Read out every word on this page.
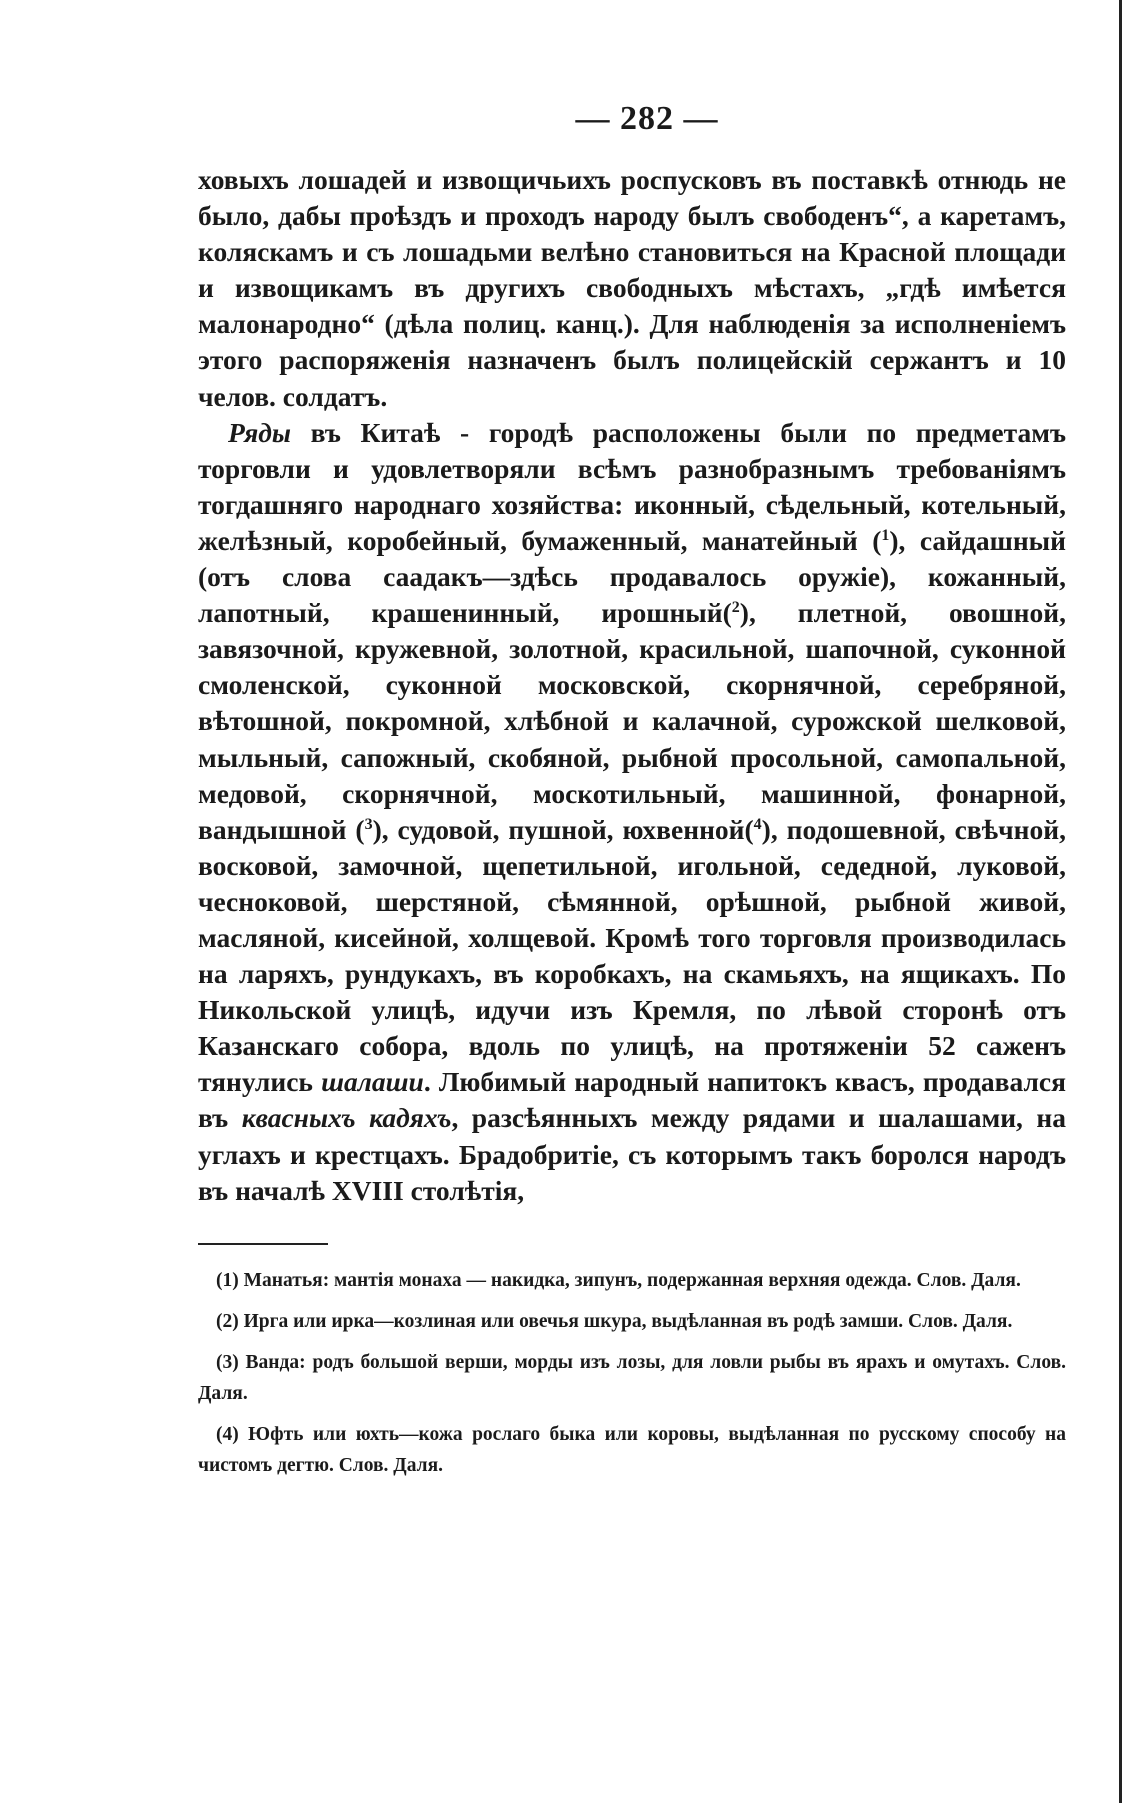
— 282 —

ховыхъ лошадей и извощичьихъ роспусковъ въ поставкѣ отнюдь не было, дабы проѣздъ и проходъ народу былъ свободенъ“, а каретамъ, коляскамъ и съ лошадьми велѣно становиться на Красной площади и извощикамъ въ другихъ свободныхъ мѣстахъ, „гдѣ имѣется малонародно“ (дѣла полиц. канц.). Для наблюденія за исполненіемъ этого распоряженія назначенъ былъ полицейскій сержантъ и 10 челов. солдатъ.

Ряды въ Китаѣ - городѣ расположены были по предметамъ торговли и удовлетворяли всѣмъ разнобразнымъ требованіямъ тогдашняго народнаго хозяйства: иконный, сѣдельный, котельный, желѣзный, коробейный, бумаженный, манатейный ($^1$), сайдашный (отъ слова саадакъ—здѣсь продавалось оружіе), кожанный, лапотный, крашенинный, ирошный($^2$), плетной, овошной, завязочной, кружевной, золотной, красильной, шапочной, суконной смоленской, суконной московской, скорнячной, серебряной, вѣтошной, покромной, хлѣбной и калачной, сурожской шелковой, мыльный, сапожный, скобяной, рыбной просольной, самопальной, медовой, скорнячной, москотильный, машинной, фонарной, вандышной ($^3$), судовой, пушной, юхвенной($^4$), подошевной, свѣчной, восковой, замочной, щепетильной, игольной, седедной, луковой, чесноковой, шерстяной, сѣмянной, орѣшной, рыбной живой, масляной, кисейной, холщевой. Кромѣ того торговля производилась на ларяхъ, рундукахъ, въ коробкахъ, на скамьяхъ, на ящикахъ. По Никольской улицѣ, идучи изъ Кремля, по лѣвой сторонѣ отъ Казанскаго собора, вдоль по улицѣ, на протяженіи 52 саженъ тянулись шалаши. Любимый народный напитокъ квасъ, продавался въ квасныхъ кадяхъ, разсѣянныхъ между рядами и шалашами, на углахъ и крестцахъ. Брадобритіе, съ которымъ такъ боролся народъ въ началѣ XVIII столѣтія,

(1) Манатья: мантія монаха — накидка, зипунъ, подержанная верхняя одежда. Слов. Даля.

(2) Ирга или ирка—козлиная или овечья шкура, выдѣланная въ родѣ замши. Слов. Даля.

(3) Ванда: родъ большой верши, морды изъ лозы, для ловли рыбы въ ярахъ и омутахъ. Слов. Даля.

(4) Юфть или юхть—кожа рослаго быка или коровы, выдѣланная по русскому способу на чистомъ дегтю. Слов. Даля.
